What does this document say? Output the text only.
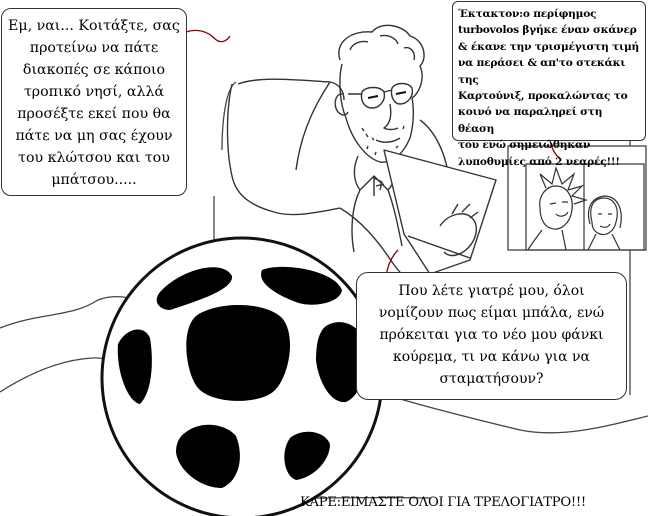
Εμ, ναι... Κοιτάξτε, σας

προτείνω να πάτε

διακοπές σε κάποιο

τροπικό νησί, αλλά

προσέξτε εκεί που θα

πάτε να μη σας έχουν

του κλώτσου και του

μπάτσου.....

Έκτακτον:ο περίφημος

turbovolos βγήκε έναν σκάνερ

& έκανε την τρισμέγιστη τιμή

να περάσει & απ'το στεκάκι της

Καρτούνιξ, προκαλώντας το

κοινό να παραληρεί στη θέαση

του ενώ σημειώθηκαν

λυποθυμίες από 2 νεαρές!!!

Που λέτε γιατρέ μου, όλοι

νομίζουν πως είμαι μπάλα, ενώ

πρόκειται για το νέο μου φάνκι

κούρεμα, τι να κάνω για να

σταματήσουν?

ΚΑΡΕ:ΕΙΜΑΣΤΕ ΟΛΟΙ ΓΙΑ ΤΡΕΛΟΓΙΑΤΡΟ!!!
